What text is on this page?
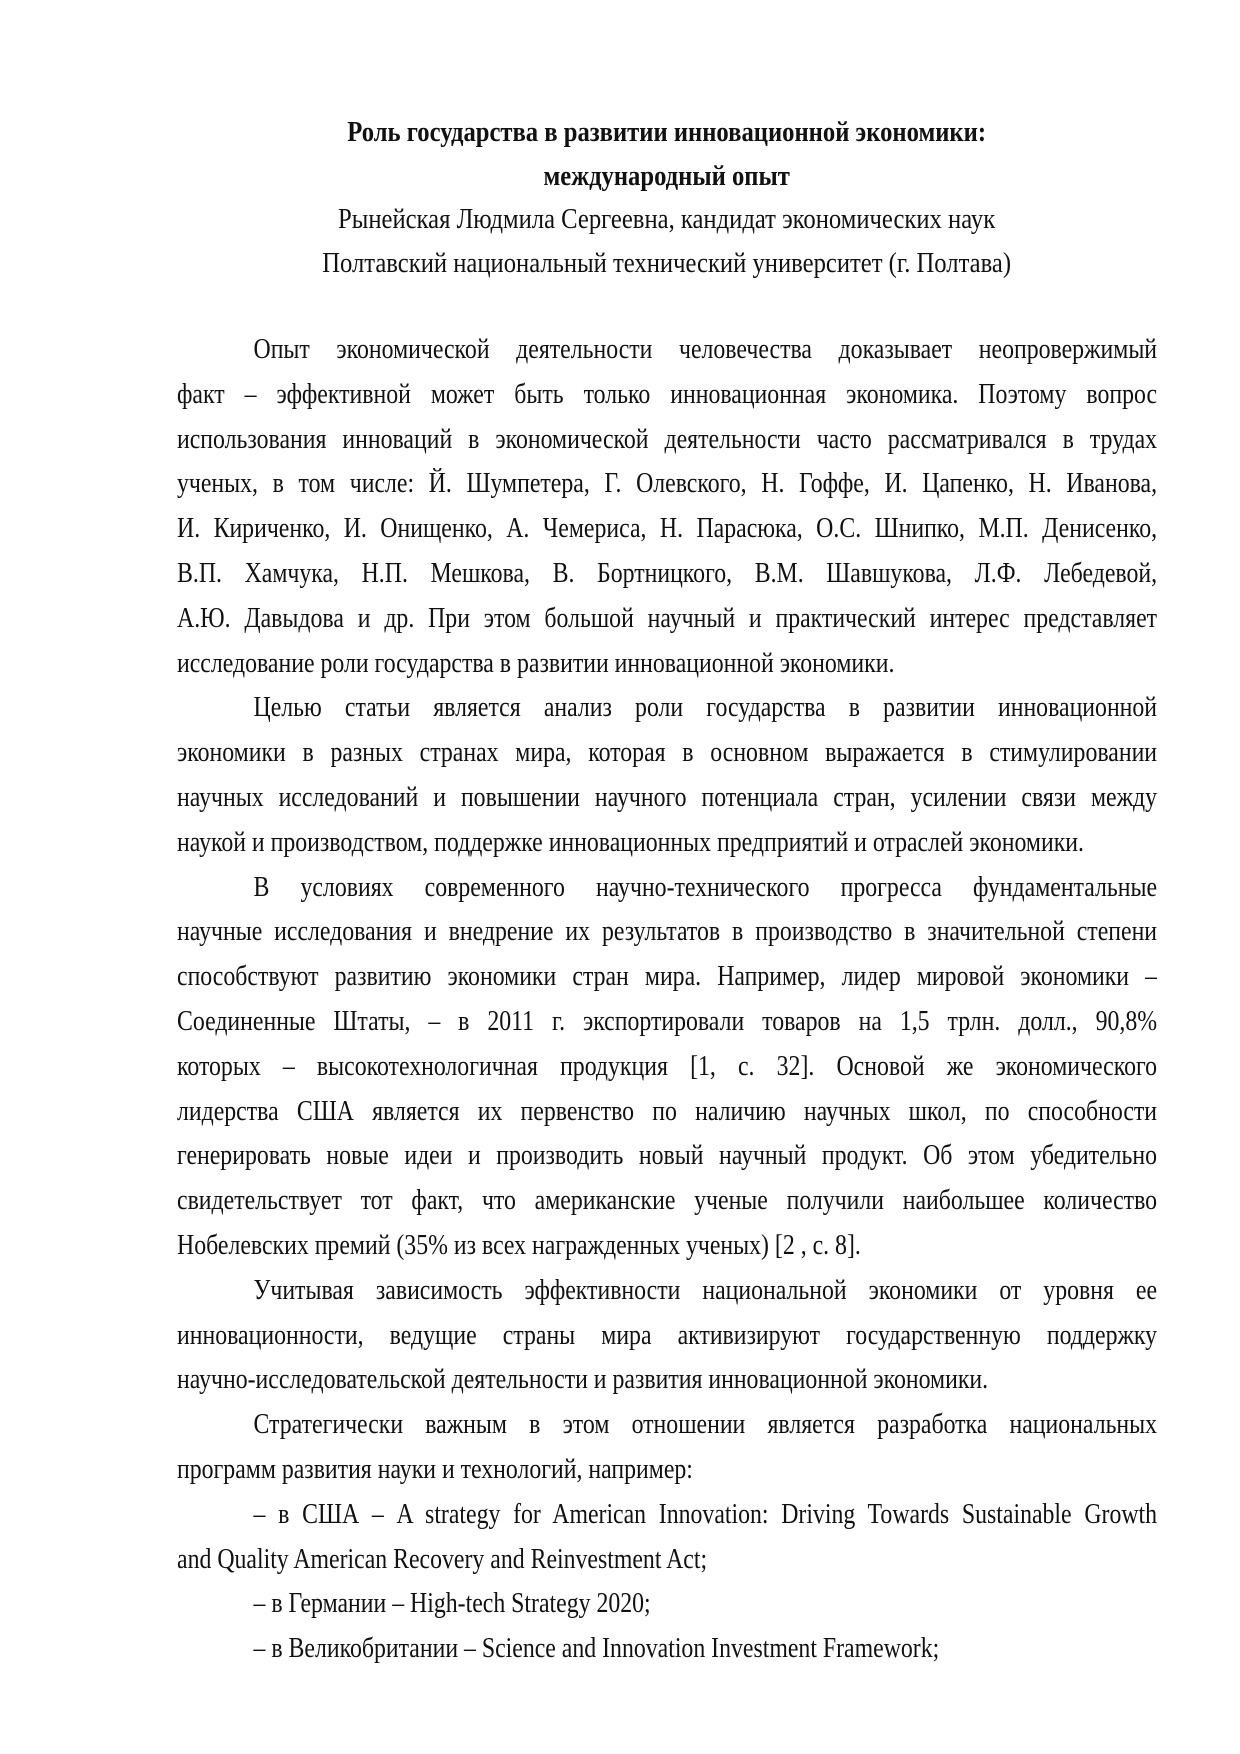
Роль государства в развитии инновационной экономики:
международный опыт
Рынейская Людмила Сергеевна, кандидат экономических наук
Полтавский национальный технический университет (г. Полтава)
Опыт экономической деятельности человечества доказывает неопровержимый
факт – эффективной может быть только инновационная экономика. Поэтому вопрос
использования инноваций в экономической деятельности часто рассматривался в трудах
ученых, в том числе: Й. Шумпетера, Г. Олевского, Н. Гоффе, И. Цапенко, Н. Иванова,
И. Кириченко, И. Онищенко, А. Чемериса, Н. Парасюка, О.С. Шнипко, М.П. Денисенко,
В.П. Хамчука, Н.П. Мешкова, В. Бортницкого, В.М. Шавшукова, Л.Ф. Лебедевой,
А.Ю. Давыдова и др. При этом большой научный и практический интерес представляет
исследование роли государства в развитии инновационной экономики.
Целью статьи является анализ роли государства в развитии инновационной
экономики в разных странах мира, которая в основном выражается в стимулировании
научных исследований и повышении научного потенциала стран, усилении связи между
наукой и производством, поддержке инновационных предприятий и отраслей экономики.
В условиях современного научно-технического прогресса фундаментальные
научные исследования и внедрение их результатов в производство в значительной степени
способствуют развитию экономики стран мира. Например, лидер мировой экономики –
Соединенные Штаты, – в 2011 г. экспортировали товаров на 1,5 трлн. долл., 90,8%
которых – высокотехнологичная продукция [1, с. 32]. Основой же экономического
лидерства США является их первенство по наличию научных школ, по способности
генерировать новые идеи и производить новый научный продукт. Об этом убедительно
свидетельствует тот факт, что американские ученые получили наибольшее количество
Нобелевских премий (35% из всех награжденных ученых) [2 , с. 8].
Учитывая зависимость эффективности национальной экономики от уровня ее
инновационности, ведущие страны мира активизируют государственную поддержку
научно-исследовательской деятельности и развития инновационной экономики.
Стратегически важным в этом отношении является разработка национальных
программ развития науки и технологий, например:
– в США – A strategy for American Innovation: Driving Towards Sustainable Growth
and Quality American Recovery and Reinvestment Act;
– в Германии – High-tech Strategy 2020;
– в Великобритании – Science and Innovation Investment Framework;
